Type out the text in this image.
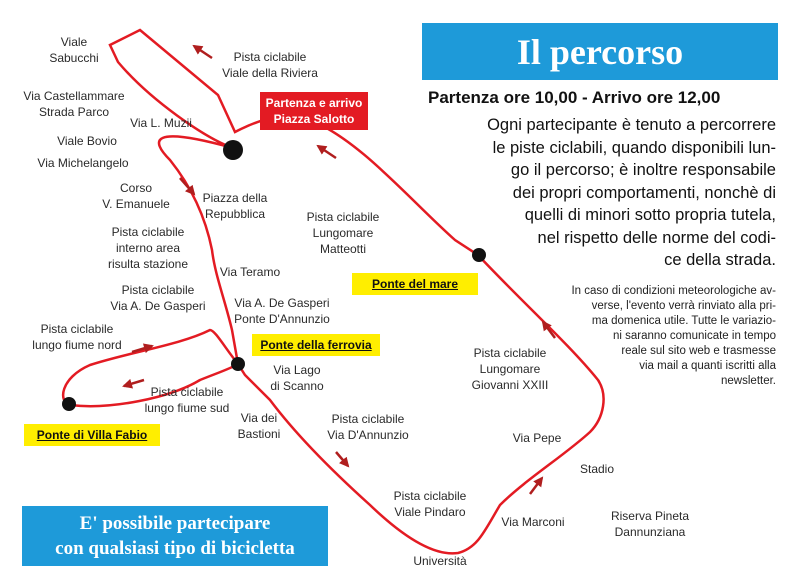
Il percorso
Partenza ore 10,00 - Arrivo ore 12,00
Ogni partecipante è tenuto a percorrere
le piste ciclabili, quando disponibili lun-
go il percorso; è inoltre responsabile
dei propri comportamenti, nonchè di
quelli di minori sotto propria tutela,
nel rispetto delle norme del codi-
ce della strada.
In caso di condizioni meteorologiche av-
verse, l'evento verrà rinviato alla pri-
ma domenica utile. Tutte le variazio-
ni saranno comunicate in tempo
reale sul sito web e trasmesse
via mail a quanti iscritti alla
newsletter.
Partenza e arrivo
Piazza Salotto
Ponte del mare
Ponte della ferrovia
Ponte di Villa Fabio
E' possibile partecipare
con qualsiasi tipo di bicicletta
Viale
Sabucchi	Pista ciclabile
Viale della Riviera
Via Castellammare
Strada Parco
Via L. Muzii
Viale Bovio
Via Michelangelo
Corso
V. Emanuele	Piazza della
Repubblica	Pista ciclabile
Lungomare
Matteotti
Pista ciclabile
interno area
risulta stazione
Via Teramo
Pista ciclabile
Via A. De Gasperi	Via A. De Gasperi
Ponte D'Annunzio
Pista ciclabile
lungo fiume nord
Via Lago
di Scanno
Pista ciclabile
lungo fiume sud
Via dei
Bastioni
Pista ciclabile
Via D'Annunzio
Pista ciclabile
Lungomare
Giovanni XXIII
Via Pepe
Stadio
Pista ciclabile
Viale Pindaro
Via Marconi	Riserva Pineta
Dannunziana
Università
